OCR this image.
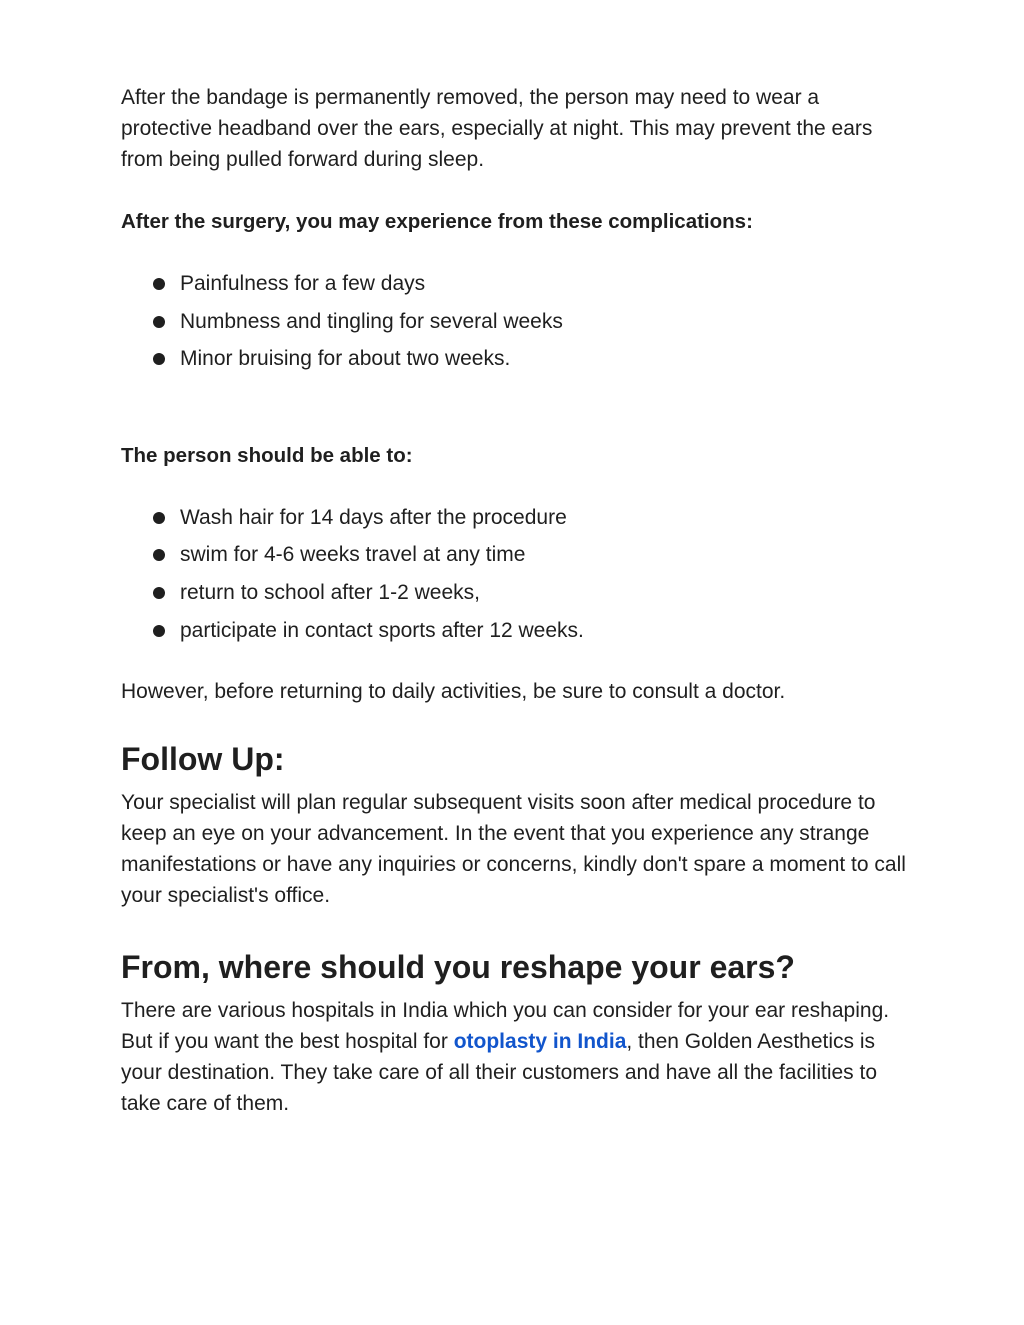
After the bandage is permanently removed, the person may need to wear a protective headband over the ears, especially at night. This may prevent the ears from being pulled forward during sleep.

After the surgery, you may experience from these complications:

Painfulness for a few days
Numbness and tingling for several weeks
Minor bruising for about two weeks.

The person should be able to:

Wash hair for 14 days after the procedure
swim for 4-6 weeks travel at any time
return to school after 1-2 weeks,
participate in contact sports after 12 weeks.

However, before returning to daily activities, be sure to consult a doctor.

Follow Up:

Your specialist will plan regular subsequent visits soon after medical procedure to keep an eye on your advancement. In the event that you experience any strange manifestations or have any inquiries or concerns, kindly don't spare a moment to call your specialist's office.

From, where should you reshape your ears?

There are various hospitals in India which you can consider for your ear reshaping. But if you want the best hospital for otoplasty in India, then Golden Aesthetics is your destination. They take care of all their customers and have all the facilities to take care of them.
